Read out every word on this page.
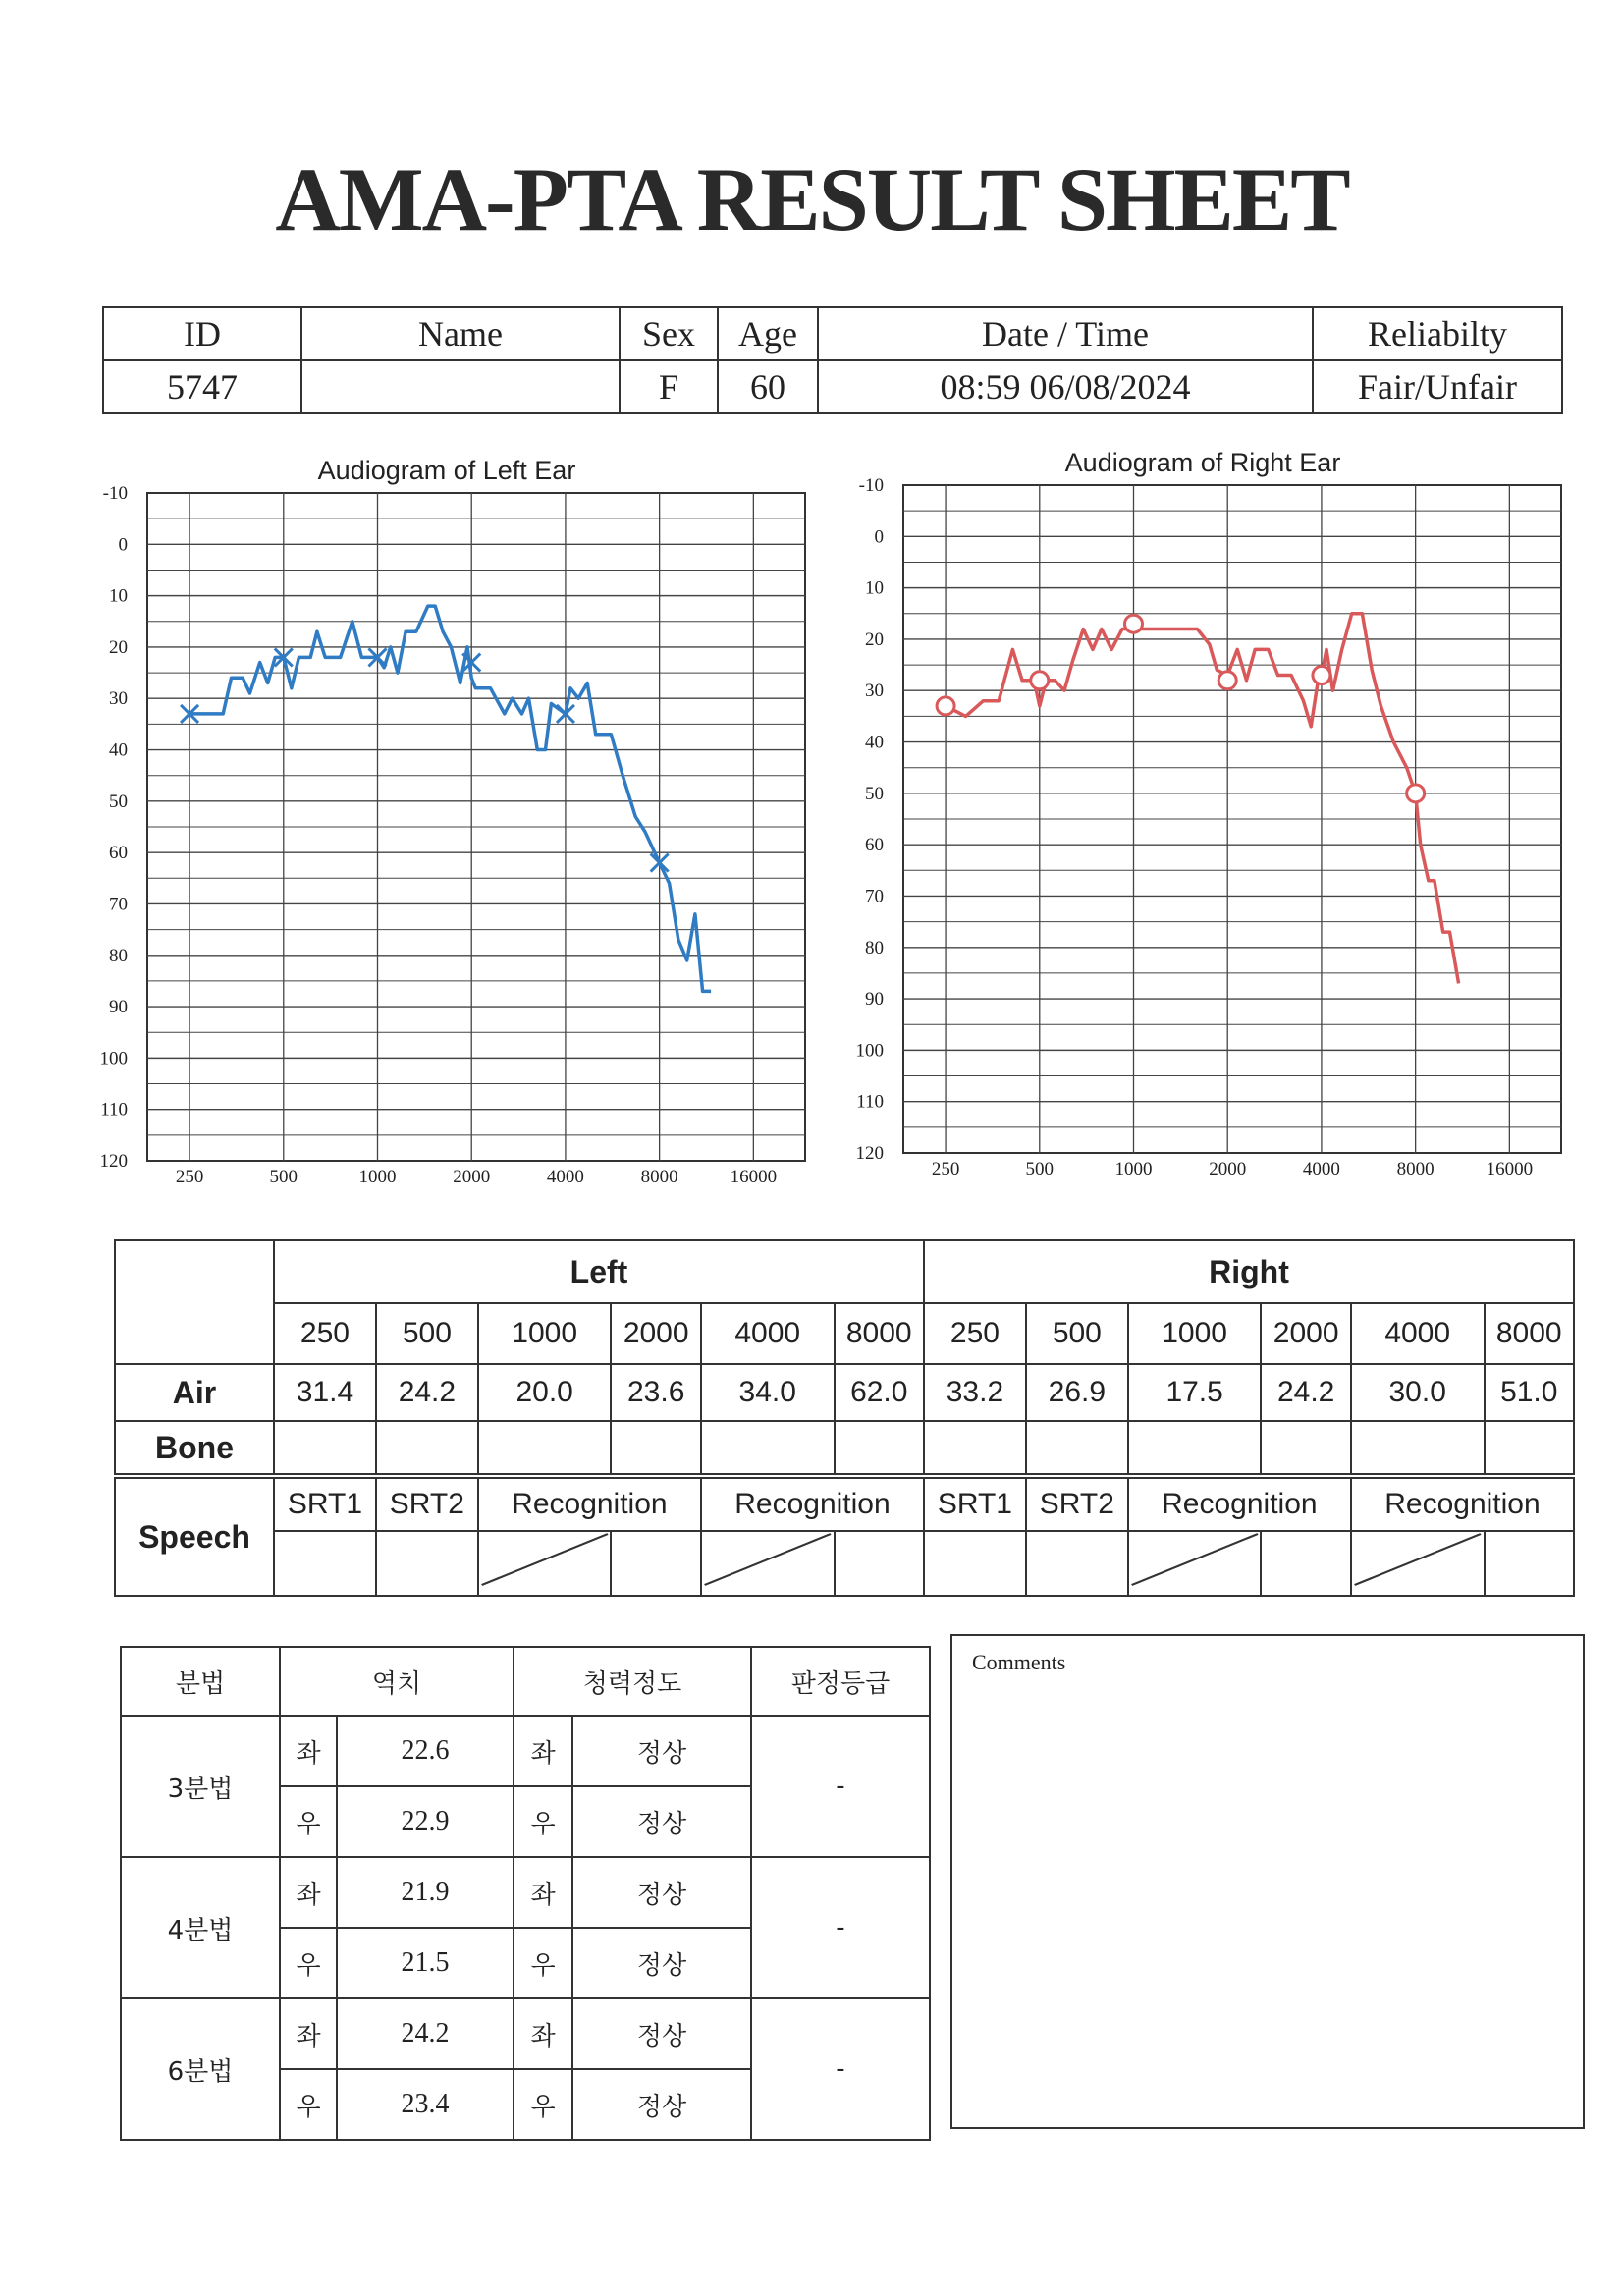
AMA-PTA RESULT SHEET
ID	Name	Sex	Age	Date / Time	Reliabilty
5747		F	60	08:59 06/08/2024	Fair/Unfair
Audiogram of Left Ear
250	500	1000	2000	4000	8000	16000
-10
0
10
20
30
40
50
60
70
80
90
100
110
120
Audiogram of Right Ear
250	500	1000	2000	4000	8000	16000
-10
0
10
20
30
40
50
60
70
80
90
100
110
120
	Left						Right					
	250	500	1000	2000	4000	8000	250	500	1000	2000	4000	8000
Air	31.4	24.2	20.0	23.6	34.0	62.0	33.2	26.9	17.5	24.2	30.0	51.0
Bone												
Speech	SRT1	SRT2	Recognition		Recognition		SRT1	SRT2	Recognition		Recognition	

분법	역치		청력정도		판정등급
3분법	좌	22.6	좌	정상	-
	우	22.9	우	정상	
4분법	좌	21.9	좌	정상	-
	우	21.5	우	정상	
6분법	좌	24.2	좌	정상	-
	우	23.4	우	정상	
Comments
